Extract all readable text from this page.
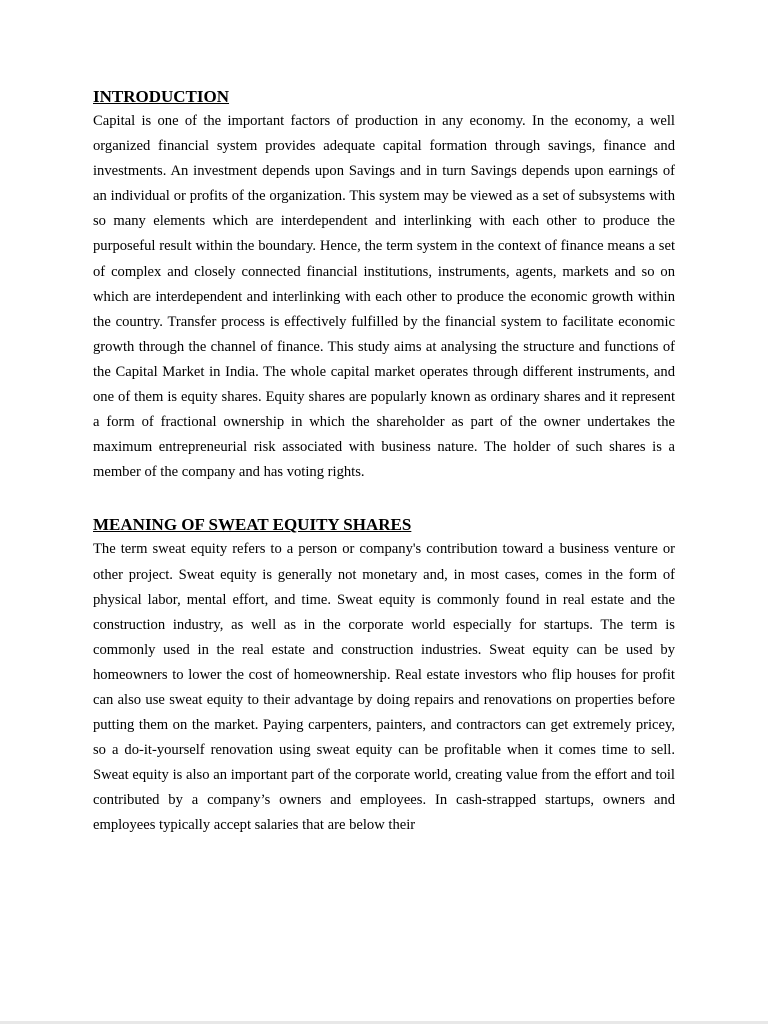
INTRODUCTION

Capital is one of the important factors of production in any economy. In the economy, a well organized financial system provides adequate capital formation through savings, finance and investments. An investment depends upon Savings and in turn Savings depends upon earnings of an individual or profits of the organization. This system may be viewed as a set of subsystems with so many elements which are interdependent and interlinking with each other to produce the purposeful result within the boundary. Hence, the term system in the context of finance means a set of complex and closely connected financial institutions, instruments, agents, markets and so on which are interdependent and interlinking with each other to produce the economic growth within the country. Transfer process is effectively fulfilled by the financial system to facilitate economic growth through the channel of finance. This study aims at analysing the structure and functions of the Capital Market in India. The whole capital market operates through different instruments, and one of them is equity shares. Equity shares are popularly known as ordinary shares and it represent a form of fractional ownership in which the shareholder as part of the owner undertakes the maximum entrepreneurial risk associated with business nature. The holder of such shares is a member of the company and has voting rights.

MEANING OF SWEAT EQUITY SHARES

The term sweat equity refers to a person or company's contribution toward a business venture or other project. Sweat equity is generally not monetary and, in most cases, comes in the form of physical labor, mental effort, and time. Sweat equity is commonly found in real estate and the construction industry, as well as in the corporate world especially for startups. The term is commonly used in the real estate and construction industries. Sweat equity can be used by homeowners to lower the cost of homeownership. Real estate investors who flip houses for profit can also use sweat equity to their advantage by doing repairs and renovations on properties before putting them on the market. Paying carpenters, painters, and contractors can get extremely pricey, so a do-it-yourself renovation using sweat equity can be profitable when it comes time to sell. Sweat equity is also an important part of the corporate world, creating value from the effort and toil contributed by a company’s owners and employees. In cash-strapped startups, owners and employees typically accept salaries that are below their
